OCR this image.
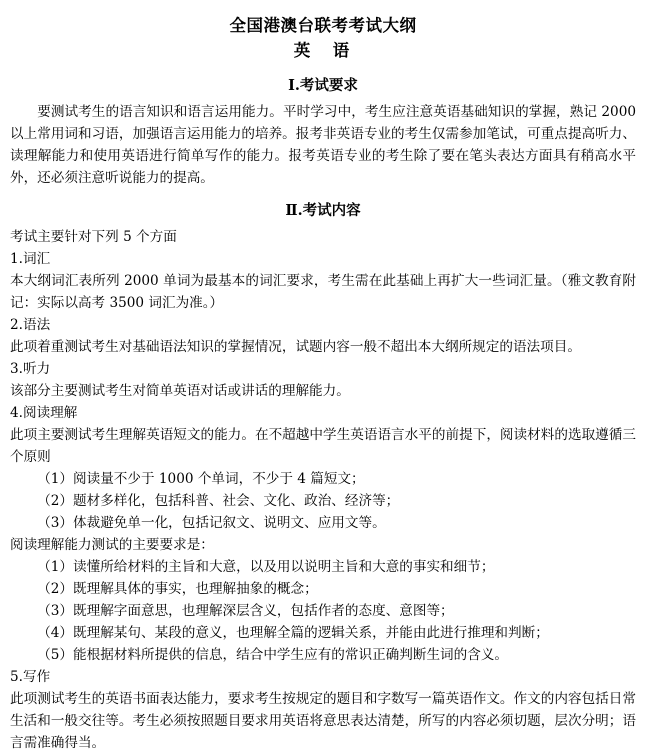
全国港澳台联考考试大纲
英　语
Ⅰ.考试要求

要测试考生的语言知识和语言运用能力。平时学习中，考生应注意英语基础知识的掌握，熟记 2000 以上常用词和习语，加强语言运用能力的培养。报考非英语专业的考生仅需参加笔试，可重点提高听力、读理解能力和使用英语进行简单写作的能力。报考英语专业的考生除了要在笔头表达方面具有稍高水平外，还必须注意听说能力的提高。

Ⅱ.考试内容

考试主要针对下列 5 个方面

1.词汇

本大纲词汇表所列 2000 单词为最基本的词汇要求，考生需在此基础上再扩大一些词汇量。（雅文教育附记：实际以高考 3500 词汇为准。）

2.语法

此项着重测试考生对基础语法知识的掌握情况，试题内容一般不超出本大纲所规定的语法项目。

3.听力

该部分主要测试考生对简单英语对话或讲话的理解能力。

4.阅读理解

此项主要测试考生理解英语短文的能力。在不超越中学生英语语言水平的前提下，阅读材料的选取遵循三个原则

（1）阅读量不少于 1000 个单词，不少于 4 篇短文；
（2）题材多样化，包括科普、社会、文化、政治、经济等；
（3）体裁避免单一化，包括记叙文、说明文、应用文等。

阅读理解能力测试的主要要求是：

（1）读懂所给材料的主旨和大意，以及用以说明主旨和大意的事实和细节；
（2）既理解具体的事实，也理解抽象的概念；
（3）既理解字面意思，也理解深层含义，包括作者的态度、意图等；
（4）既理解某句、某段的意义，也理解全篇的逻辑关系，并能由此进行推理和判断；
（5）能根据材料所提供的信息，结合中学生应有的常识正确判断生词的含义。

5.写作

此项测试考生的英语书面表达能力，要求考生按规定的题目和字数写一篇英语作文。作文的内容包括日常生活和一般交往等。考生必须按照题目要求用英语将意思表达清楚，所写的内容必须切题，层次分明；语言需准确得当。
